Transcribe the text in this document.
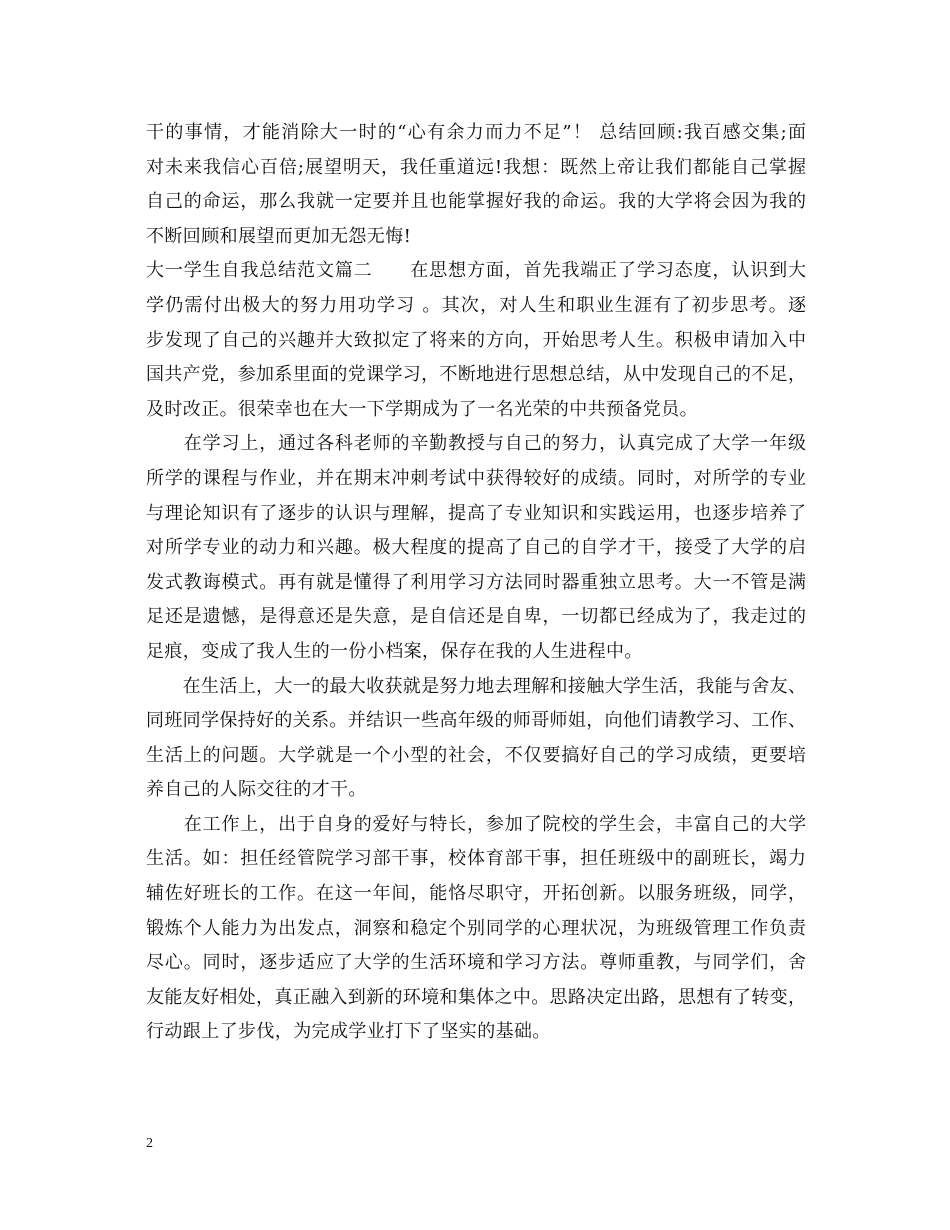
干的事情，才能消除大一时的“心有余力而力不足”！ 总结回顾:我百感交集;面
对未来我信心百倍;展望明天，我任重道远!我想：既然上帝让我们都能自己掌握
自己的命运，那么我就一定要并且也能掌握好我的命运。我的大学将会因为我的
不断回顾和展望而更加无怨无悔!
大一学生自我总结范文篇二　　在思想方面，首先我端正了学习态度，认识到大
学仍需付出极大的努力用功学习 。其次，对人生和职业生涯有了初步思考。逐
步发现了自己的兴趣并大致拟定了将来的方向，开始思考人生。积极申请加入中
国共产党，参加系里面的党课学习，不断地进行思想总结，从中发现自己的不足，
及时改正。很荣幸也在大一下学期成为了一名光荣的中共预备党员。
　　在学习上，通过各科老师的辛勤教授与自己的努力，认真完成了大学一年级
所学的课程与作业，并在期末冲刺考试中获得较好的成绩。同时，对所学的专业
与理论知识有了逐步的认识与理解，提高了专业知识和实践运用，也逐步培养了
对所学专业的动力和兴趣。极大程度的提高了自己的自学才干，接受了大学的启
发式教诲模式。再有就是懂得了利用学习方法同时器重独立思考。大一不管是满
足还是遗憾，是得意还是失意，是自信还是自卑，一切都已经成为了，我走过的
足痕，变成了我人生的一份小档案，保存在我的人生进程中。
　　在生活上，大一的最大收获就是努力地去理解和接触大学生活，我能与舍友、
同班同学保持好的关系。并结识一些高年级的师哥师姐，向他们请教学习、工作、
生活上的问题。大学就是一个小型的社会，不仅要搞好自己的学习成绩，更要培
养自己的人际交往的才干。
　　在工作上，出于自身的爱好与特长，参加了院校的学生会，丰富自己的大学
生活。如：担任经管院学习部干事，校体育部干事，担任班级中的副班长，竭力
辅佐好班长的工作。在这一年间，能恪尽职守，开拓创新。以服务班级，同学，
锻炼个人能力为出发点，洞察和稳定个别同学的心理状况，为班级管理工作负责
尽心。同时，逐步适应了大学的生活环境和学习方法。尊师重教，与同学们，舍
友能友好相处，真正融入到新的环境和集体之中。思路决定出路，思想有了转变，
行动跟上了步伐，为完成学业打下了坚实的基础。
2
